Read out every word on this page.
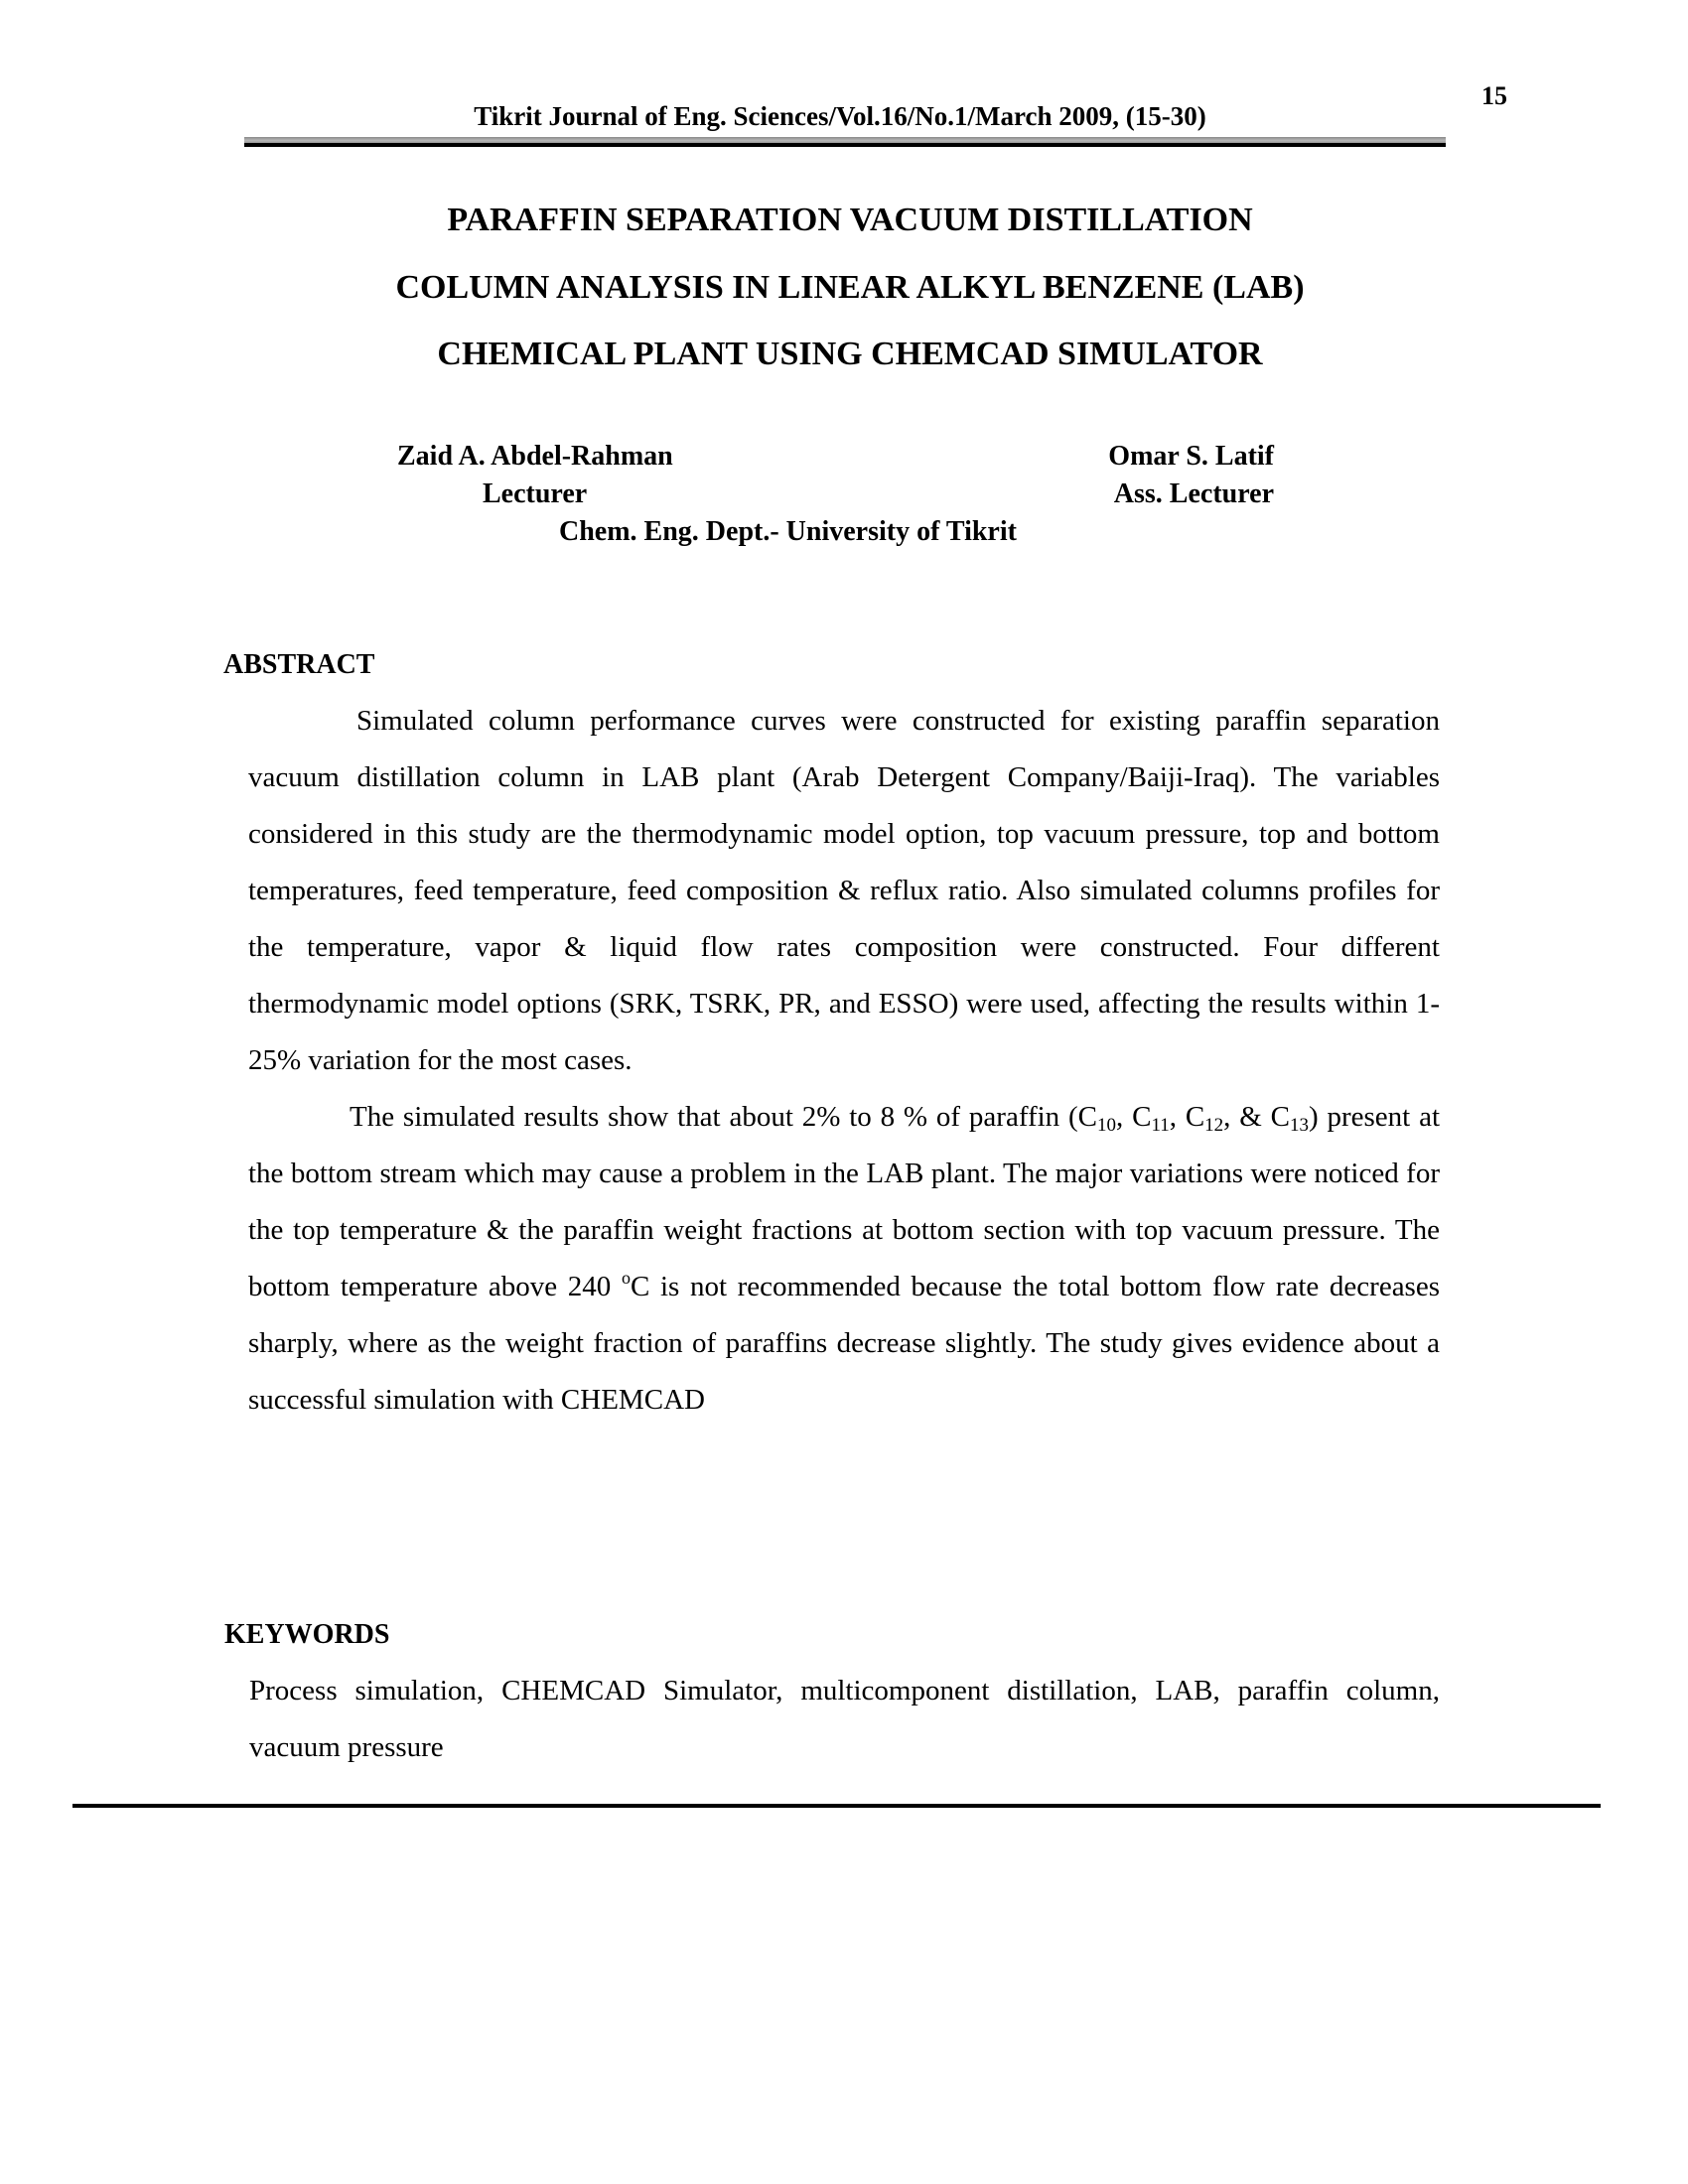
Tikrit Journal of Eng. Sciences/Vol.16/No.1/March 2009, (15-30)
15
PARAFFIN SEPARATION VACUUM DISTILLATION
COLUMN ANALYSIS IN LINEAR ALKYL BENZENE (LAB)
CHEMICAL PLANT USING CHEMCAD SIMULATOR
Zaid A. Abdel-Rahman
Lecturer
Omar S. Latif
Ass. Lecturer
Chem. Eng. Dept.- University of Tikrit
ABSTRACT

Simulated column performance curves were constructed for existing paraffin separation vacuum distillation column in LAB plant (Arab Detergent Company/Baiji-Iraq). The variables considered in this study are the thermodynamic model option, top vacuum pressure, top and bottom temperatures, feed temperature, feed composition & reflux ratio. Also simulated columns profiles for the temperature, vapor & liquid flow rates composition were constructed. Four different thermodynamic model options (SRK, TSRK, PR, and ESSO) were used, affecting the results within 1-25% variation for the most cases.

The simulated results show that about 2% to 8 % of paraffin ($C_{10}$, $C_{11}$, $C_{12}$, & $C_{13}$) present at the bottom stream which may cause a problem in the LAB plant. The major variations were noticed for the top temperature & the paraffin weight fractions at bottom section with top vacuum pressure. The bottom temperature above 240 $^o$C is not recommended because the total bottom flow rate decreases sharply, where as the weight fraction of paraffins decrease slightly. The study gives evidence about a successful simulation with CHEMCAD

KEYWORDS

Process simulation, CHEMCAD Simulator, multicomponent distillation, LAB, paraffin column, vacuum pressure
